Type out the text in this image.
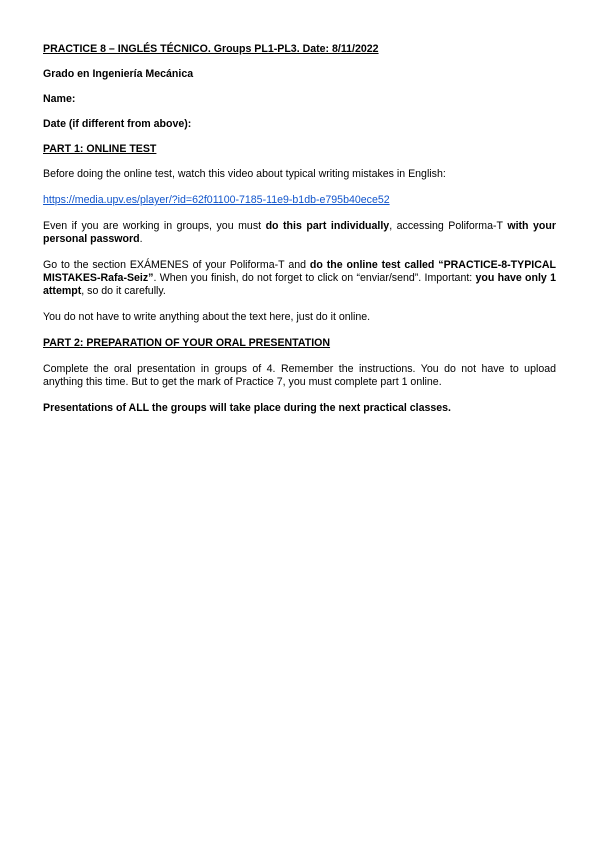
PRACTICE 8 – INGLÉS TÉCNICO. Groups PL1-PL3. Date: 8/11/2022

Grado en Ingeniería Mecánica

Name:

Date (if different from above):

PART 1: ONLINE TEST

Before doing the online test, watch this video about typical writing mistakes in English:

https://media.upv.es/player/?id=62f01100-7185-11e9-b1db-e795b40ece52

Even if you are working in groups, you must do this part individually, accessing Poliforma-T with your personal password.

Go to the section EXÁMENES of your Poliforma-T and do the online test called “PRACTICE-8-TYPICAL MISTAKES-Rafa-Seiz”. When you finish, do not forget to click on “enviar/send”. Important: you have only 1 attempt, so do it carefully.

You do not have to write anything about the text here, just do it online.

PART 2: PREPARATION OF YOUR ORAL PRESENTATION

Complete the oral presentation in groups of 4. Remember the instructions. You do not have to upload anything this time. But to get the mark of Practice 7, you must complete part 1 online.

Presentations of ALL the groups will take place during the next practical classes.
